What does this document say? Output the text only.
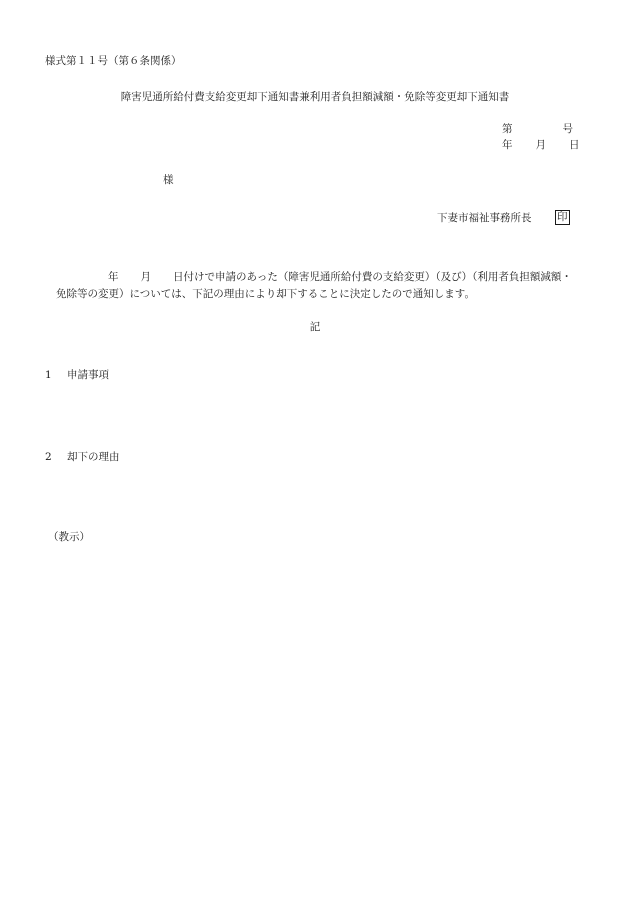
様式第１１号（第６条関係）
障害児通所給付費支給変更却下通知書兼利用者負担額減額・免除等変更却下通知書
第	号
年 月 日
様
下妻市福祉事務所長 印
年 月 日付けで申請のあった（障害児通所給付費の支給変更）（及び）（利用者負担額減額・
免除等の変更）については、下記の理由により却下することに決定したので通知します。
記
1 申請事項
2 却下の理由
（教示）
